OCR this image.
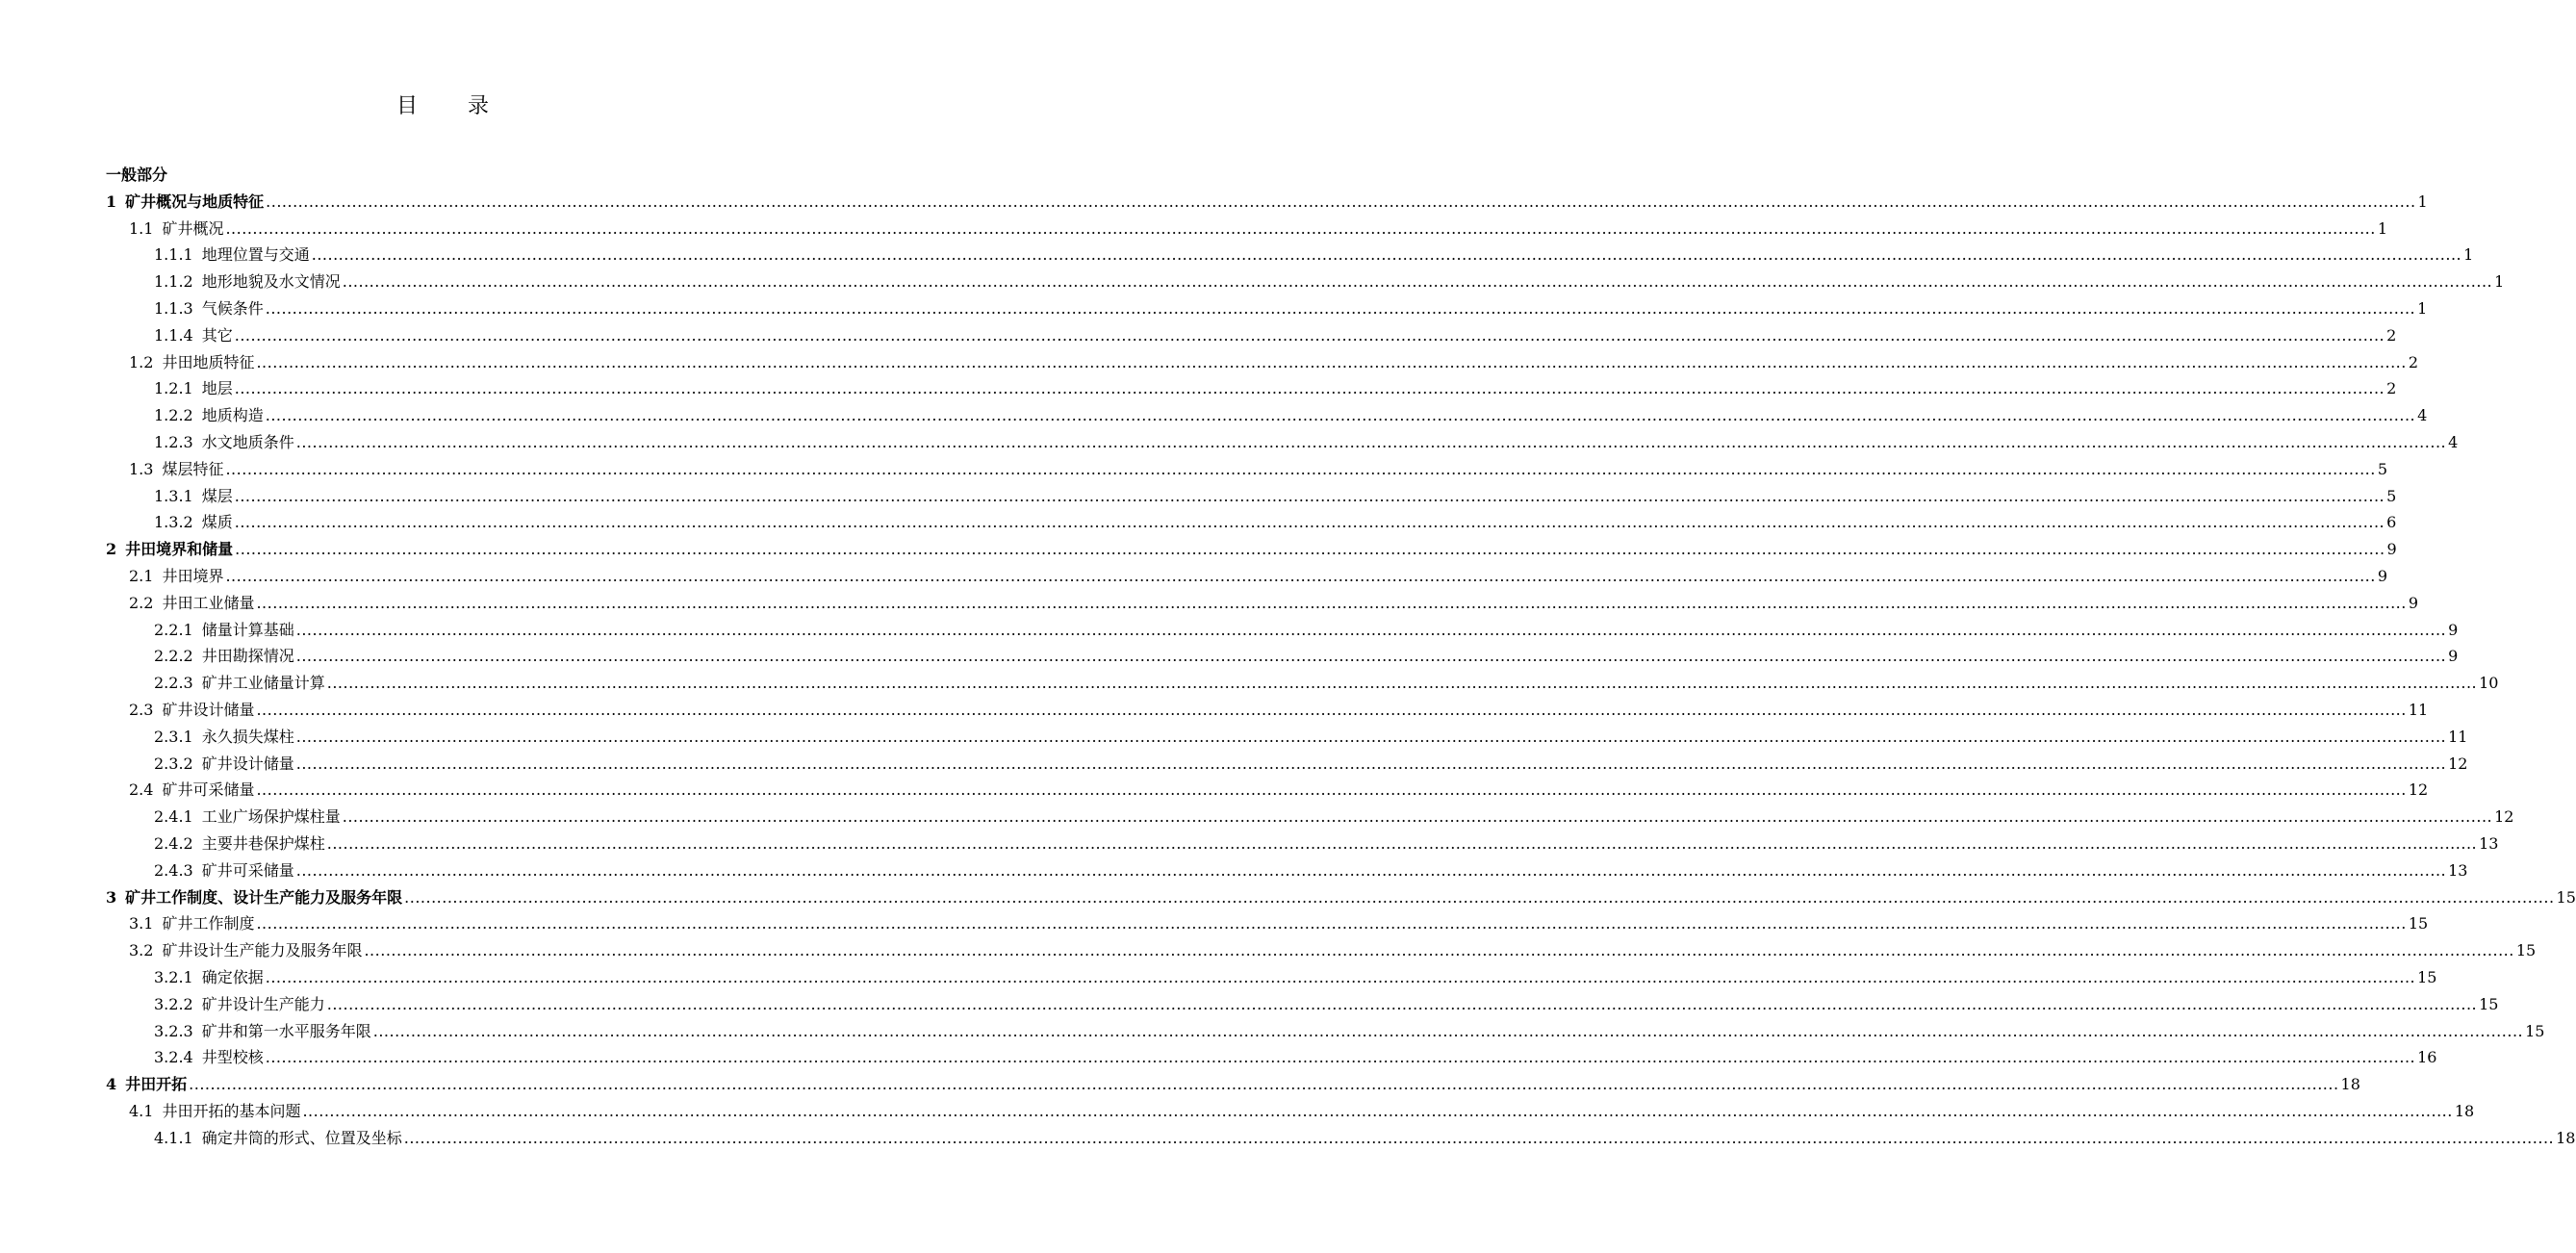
目 录
一般部分
1 矿井概况与地质特征 ................................................................................................................................................................................................................................................................................................................................................................................................................ 1
1.1 矿井概况 ................................................................................................................................................................................................................................................................................................................................................................................................................ 1
1.1.1 地理位置与交通 ................................................................................................................................................................................................................................................................................................................................................................................................................ 1
1.1.2 地形地貌及水文情况 ................................................................................................................................................................................................................................................................................................................................................................................................................ 1
1.1.3 气候条件 ................................................................................................................................................................................................................................................................................................................................................................................................................ 1
1.1.4 其它 ................................................................................................................................................................................................................................................................................................................................................................................................................ 2
1.2 井田地质特征 ................................................................................................................................................................................................................................................................................................................................................................................................................ 2
1.2.1 地层 ................................................................................................................................................................................................................................................................................................................................................................................................................ 2
1.2.2 地质构造 ................................................................................................................................................................................................................................................................................................................................................................................................................ 4
1.2.3 水文地质条件 ................................................................................................................................................................................................................................................................................................................................................................................................................ 4
1.3 煤层特征 ................................................................................................................................................................................................................................................................................................................................................................................................................ 5
1.3.1 煤层 ................................................................................................................................................................................................................................................................................................................................................................................................................ 5
1.3.2 煤质 ................................................................................................................................................................................................................................................................................................................................................................................................................ 6
2 井田境界和储量 ................................................................................................................................................................................................................................................................................................................................................................................................................ 9
2.1 井田境界 ................................................................................................................................................................................................................................................................................................................................................................................................................ 9
2.2 井田工业储量 ................................................................................................................................................................................................................................................................................................................................................................................................................ 9
2.2.1 储量计算基础 ................................................................................................................................................................................................................................................................................................................................................................................................................ 9
2.2.2 井田勘探情况 ................................................................................................................................................................................................................................................................................................................................................................................................................ 9
2.2.3 矿井工业储量计算 ................................................................................................................................................................................................................................................................................................................................................................................................................ 10
2.3 矿井设计储量 ................................................................................................................................................................................................................................................................................................................................................................................................................ 11
2.3.1 永久损失煤柱 ................................................................................................................................................................................................................................................................................................................................................................................................................ 11
2.3.2 矿井设计储量 ................................................................................................................................................................................................................................................................................................................................................................................................................ 12
2.4 矿井可采储量 ................................................................................................................................................................................................................................................................................................................................................................................................................ 12
2.4.1 工业广场保护煤柱量 ................................................................................................................................................................................................................................................................................................................................................................................................................ 12
2.4.2 主要井巷保护煤柱 ................................................................................................................................................................................................................................................................................................................................................................................................................ 13
2.4.3 矿井可采储量 ................................................................................................................................................................................................................................................................................................................................................................................................................ 13
3 矿井工作制度、设计生产能力及服务年限 ................................................................................................................................................................................................................................................................................................................................................................................................................ 15
3.1 矿井工作制度 ................................................................................................................................................................................................................................................................................................................................................................................................................ 15
3.2 矿井设计生产能力及服务年限 ................................................................................................................................................................................................................................................................................................................................................................................................................ 15
3.2.1 确定依据 ................................................................................................................................................................................................................................................................................................................................................................................................................ 15
3.2.2 矿井设计生产能力 ................................................................................................................................................................................................................................................................................................................................................................................................................ 15
3.2.3 矿井和第一水平服务年限 ................................................................................................................................................................................................................................................................................................................................................................................................................ 15
3.2.4 井型校核 ................................................................................................................................................................................................................................................................................................................................................................................................................ 16
4 井田开拓 ................................................................................................................................................................................................................................................................................................................................................................................................................ 18
4.1 井田开拓的基本问题 ................................................................................................................................................................................................................................................................................................................................................................................................................ 18
4.1.1 确定井筒的形式、位置及坐标 ................................................................................................................................................................................................................................................................................................................................................................................................................ 18
